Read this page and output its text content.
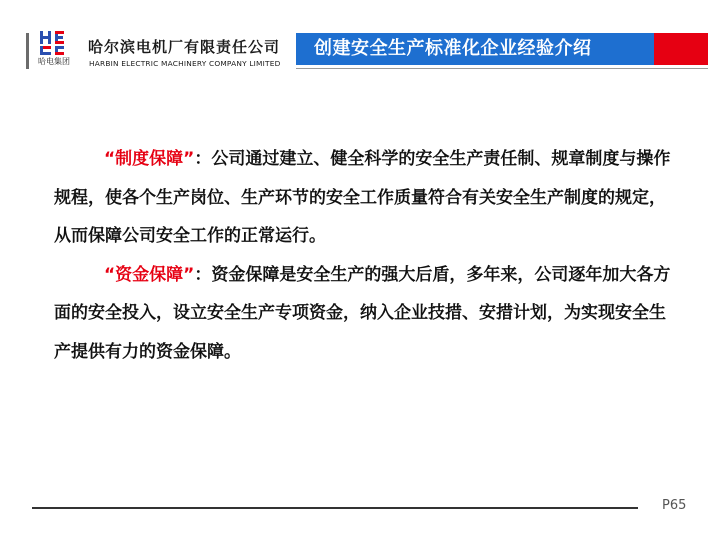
哈电集团
哈尔滨电机厂有限责任公司
HARBIN ELECTRIC MACHINERY COMPANY LIMITED
创建安全生产标准化企业经验介绍

“制度保障”：公司通过建立、健全科学的安全生产责任制、规章制度与操作规程，使各个生产岗位、生产环节的安全工作质量符合有关安全生产制度的规定，从而保障公司安全工作的正常运行。

“资金保障”：资金保障是安全生产的强大后盾，多年来，公司逐年加大各方面的安全投入，设立安全生产专项资金，纳入企业技措、安措计划，为实现安全生产提供有力的资金保障。

P65
